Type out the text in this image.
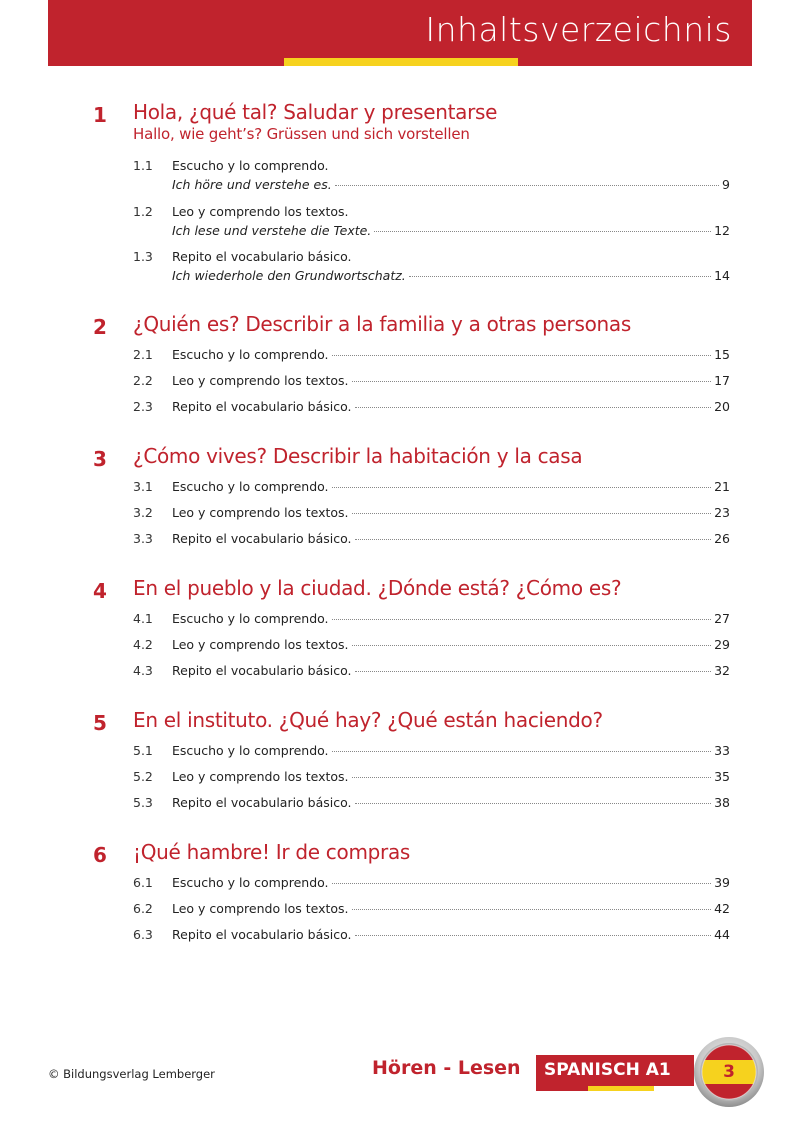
Inhaltsverzeichnis
1 Hola, ¿qué tal? Saludar y presentarse
Hallo, wie geht’s? Grüssen und sich vorstellen
1.1 Escucho y lo comprendo.
Ich höre und verstehe es.	9
1.2 Leo y comprendo los textos.
Ich lese und verstehe die Texte.	12
1.3 Repito el vocabulario básico.
Ich wiederhole den Grundwortschatz.	14
2 ¿Quién es? Describir a la familia y a otras personas
2.1 Escucho y lo comprendo.	15
2.2 Leo y comprendo los textos.	17
2.3 Repito el vocabulario básico.	20
3 ¿Cómo vives? Describir la habitación y la casa
3.1 Escucho y lo comprendo.	21
3.2 Leo y comprendo los textos.	23
3.3 Repito el vocabulario básico.	26
4 En el pueblo y la ciudad. ¿Dónde está? ¿Cómo es?
4.1 Escucho y lo comprendo.	27
4.2 Leo y comprendo los textos.	29
4.3 Repito el vocabulario básico.	32
5 En el instituto. ¿Qué hay? ¿Qué están haciendo?
5.1 Escucho y lo comprendo.	33
5.2 Leo y comprendo los textos.	35
5.3 Repito el vocabulario básico.	38
6 ¡Qué hambre! Ir de compras
6.1 Escucho y lo comprendo.	39
6.2 Leo y comprendo los textos.	42
6.3 Repito el vocabulario básico.	44
© Bildungsverlag Lemberger	Hören - Lesen	SPANISCH A1	3
